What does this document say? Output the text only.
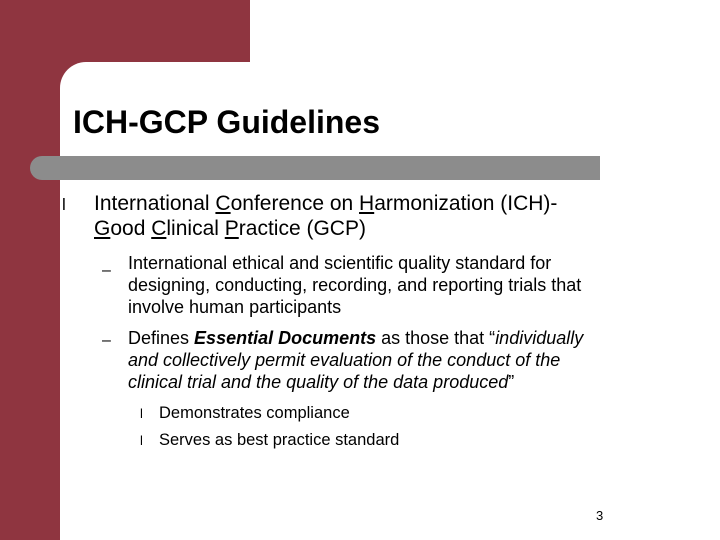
ICH-GCP Guidelines
l International Conference on Harmonization (ICH)-
Good Clinical Practice (GCP)
– International ethical and scientific quality standard for
designing, conducting, recording, and reporting trials that
involve human participants
– Defines Essential Documents as those that “individually
and collectively permit evaluation of the conduct of the
clinical trial and the quality of the data produced”
l Demonstrates compliance
l Serves as best practice standard
3
